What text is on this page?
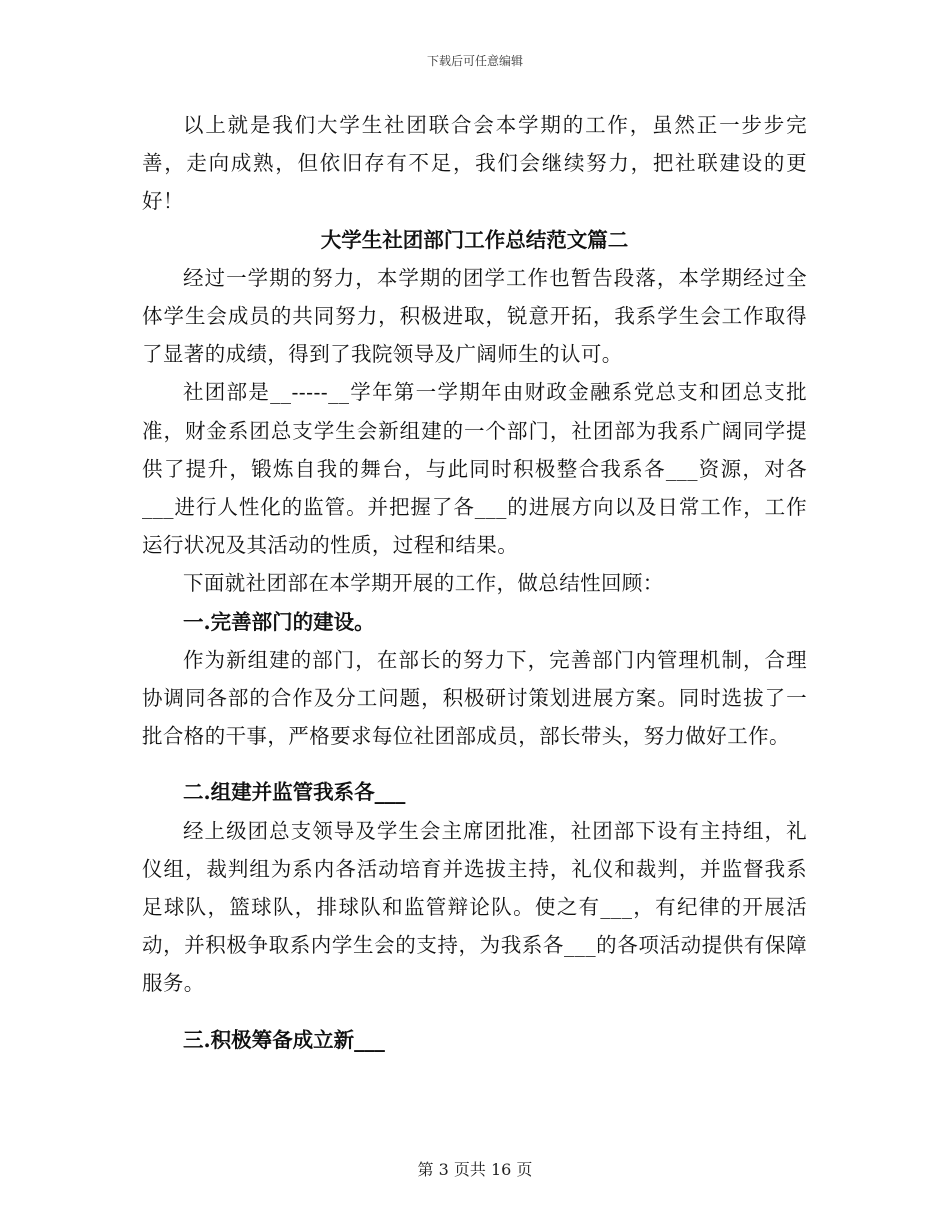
下载后可任意编辑

以上就是我们大学生社团联合会本学期的工作，虽然正一步步完善，走向成熟，但依旧存有不足，我们会继续努力，把社联建设的更好！

大学生社团部门工作总结范文篇二

经过一学期的努力，本学期的团学工作也暂告段落，本学期经过全体学生会成员的共同努力，积极进取，锐意开拓，我系学生会工作取得了显著的成绩，得到了我院领导及广阔师生的认可。

社团部是__-----__学年第一学期年由财政金融系党总支和团总支批准，财金系团总支学生会新组建的一个部门，社团部为我系广阔同学提供了提升，锻炼自我的舞台，与此同时积极整合我系各___资源，对各___进行人性化的监管。并把握了各___的进展方向以及日常工作，工作运行状况及其活动的性质，过程和结果。

下面就社团部在本学期开展的工作，做总结性回顾：

一.完善部门的建设。

作为新组建的部门，在部长的努力下，完善部门内管理机制，合理协调同各部的合作及分工问题，积极研讨策划进展方案。同时选拔了一批合格的干事，严格要求每位社团部成员，部长带头，努力做好工作。

二.组建并监管我系各___

经上级团总支领导及学生会主席团批准，社团部下设有主持组，礼仪组，裁判组为系内各活动培育并选拔主持，礼仪和裁判，并监督我系足球队，篮球队，排球队和监管辩论队。使之有___，有纪律的开展活动，并积极争取系内学生会的支持，为我系各___的各项活动提供有保障服务。

三.积极筹备成立新___

第 3 页共 16 页
